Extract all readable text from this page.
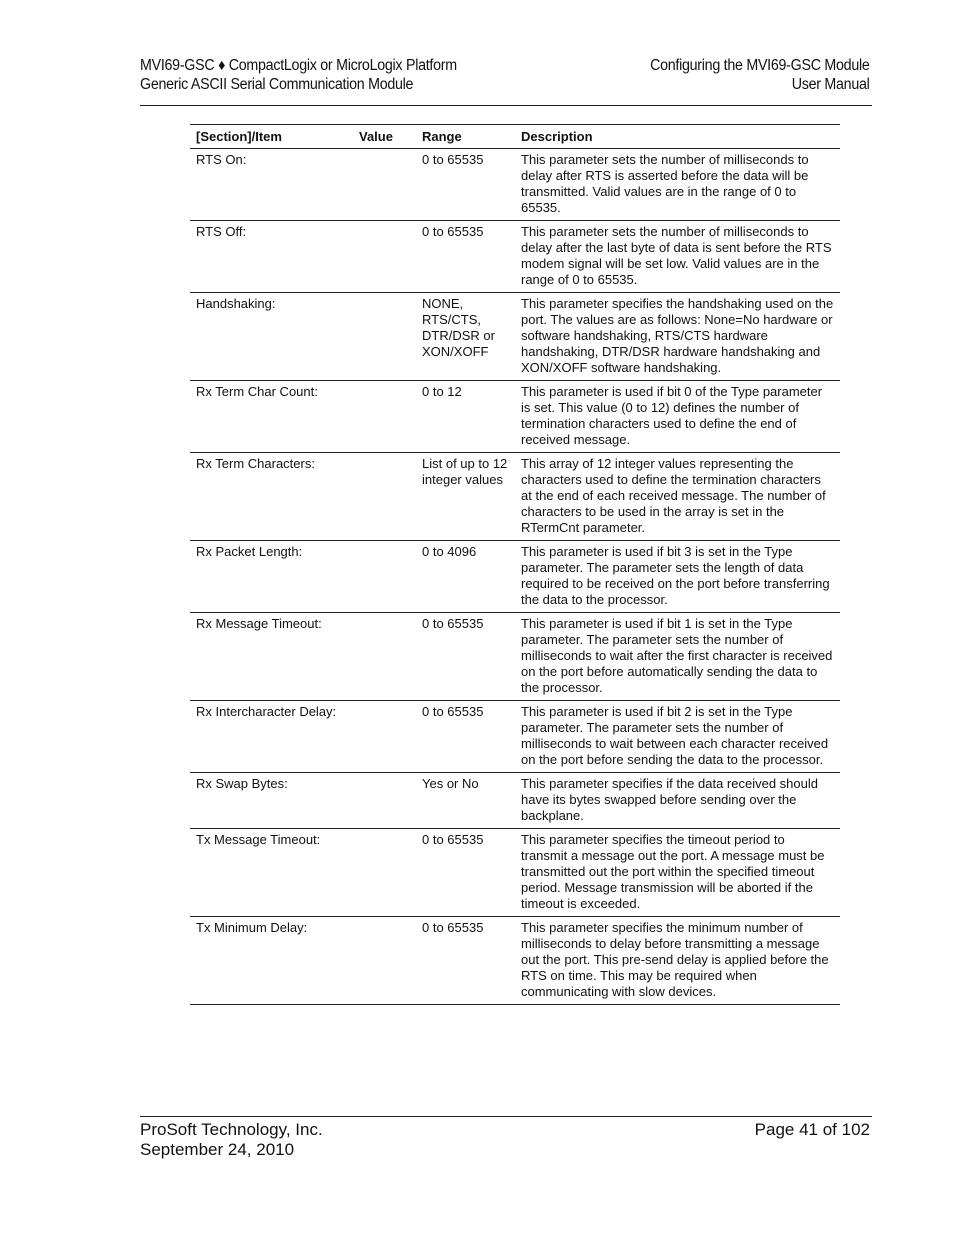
MVI69-GSC ♦ CompactLogix or MicroLogix Platform
Generic ASCII Serial Communication Module
Configuring the MVI69-GSC Module
User Manual
[Section]/Item	Value	Range	Description
RTS On:		0 to 65535	This parameter sets the number of milliseconds to delay after RTS is asserted before the data will be transmitted. Valid values are in the range of 0 to 65535.
RTS Off:		0 to 65535	This parameter sets the number of milliseconds to delay after the last byte of data is sent before the RTS modem signal will be set low. Valid values are in the range of 0 to 65535.
Handshaking:		NONE, RTS/CTS, DTR/DSR or XON/XOFF	This parameter specifies the handshaking used on the port. The values are as follows: None=No hardware or software handshaking, RTS/CTS hardware handshaking, DTR/DSR hardware handshaking and XON/XOFF software handshaking.
Rx Term Char Count:		0 to 12	This parameter is used if bit 0 of the Type parameter is set. This value (0 to 12) defines the number of termination characters used to define the end of received message.
Rx Term Characters:		List of up to 12 integer values	This array of 12 integer values representing the characters used to define the termination characters at the end of each received message. The number of characters to be used in the array is set in the RTermCnt parameter.
Rx Packet Length:		0 to 4096	This parameter is used if bit 3 is set in the Type parameter. The parameter sets the length of data required to be received on the port before transferring the data to the processor.
Rx Message Timeout:		0 to 65535	This parameter is used if bit 1 is set in the Type parameter. The parameter sets the number of milliseconds to wait after the first character is received on the port before automatically sending the data to the processor.
Rx Intercharacter Delay:		0 to 65535	This parameter is used if bit 2 is set in the Type parameter. The parameter sets the number of milliseconds to wait between each character received on the port before sending the data to the processor.
Rx Swap Bytes:		Yes or No	This parameter specifies if the data received should have its bytes swapped before sending over the backplane.
Tx Message Timeout:		0 to 65535	This parameter specifies the timeout period to transmit a message out the port. A message must be transmitted out the port within the specified timeout period. Message transmission will be aborted if the timeout is exceeded.
Tx Minimum Delay:		0 to 65535	This parameter specifies the minimum number of milliseconds to delay before transmitting a message out the port. This pre-send delay is applied before the RTS on time. This may be required when communicating with slow devices.
ProSoft Technology, Inc.
September 24, 2010
Page 41 of 102
